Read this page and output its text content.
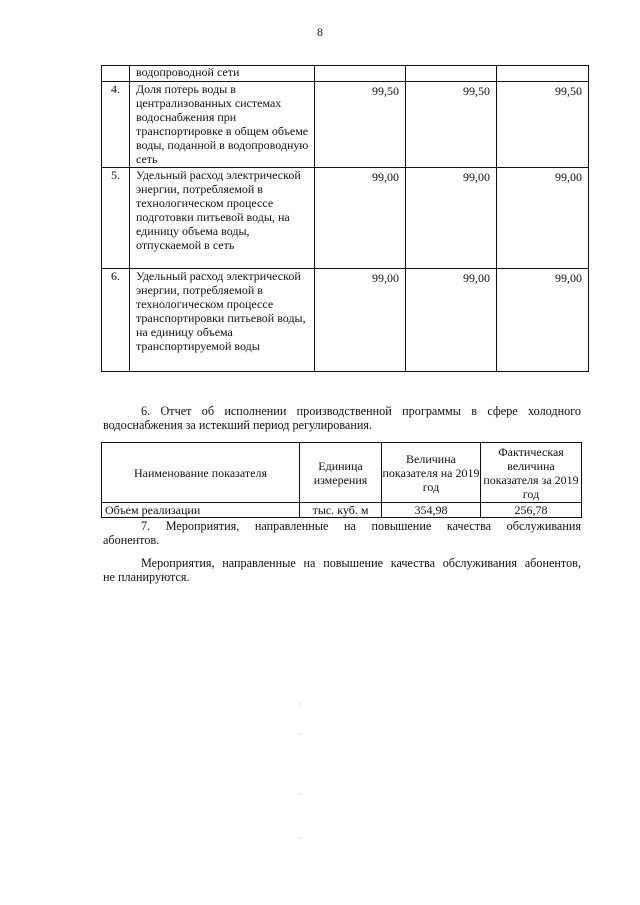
8
	водопроводной сети			
4.	Доля потерь воды в централизованных системах водоснабжения при транспортировке в общем объеме воды, поданной в водопроводную сеть	99,50	99,50	99,50
5.	Удельный расход электрической энергии, потребляемой в технологическом процессе подготовки питьевой воды, на единицу объема воды, отпускаемой в сеть	99,00	99,00	99,00
6.	Удельный расход электрической энергии, потребляемой в технологическом процессе транспортировки питьевой воды, на единицу объема транспортируемой воды	99,00	99,00	99,00
6. Отчет об исполнении производственной программы в сфере холодного
водоснабжения за истекший период регулирования.
Наименование показателя	Единица измерения	Величина показателя на 2019 год	Фактическая величина показателя за 2019 год
Объем реализации	тыс. куб. м	354,98	256,78
7. Мероприятия, направленные на повышение качества обслуживания
абонентов.
Мероприятия, направленные на повышение качества обслуживания абонентов,
не планируются.
·
·
·
·
